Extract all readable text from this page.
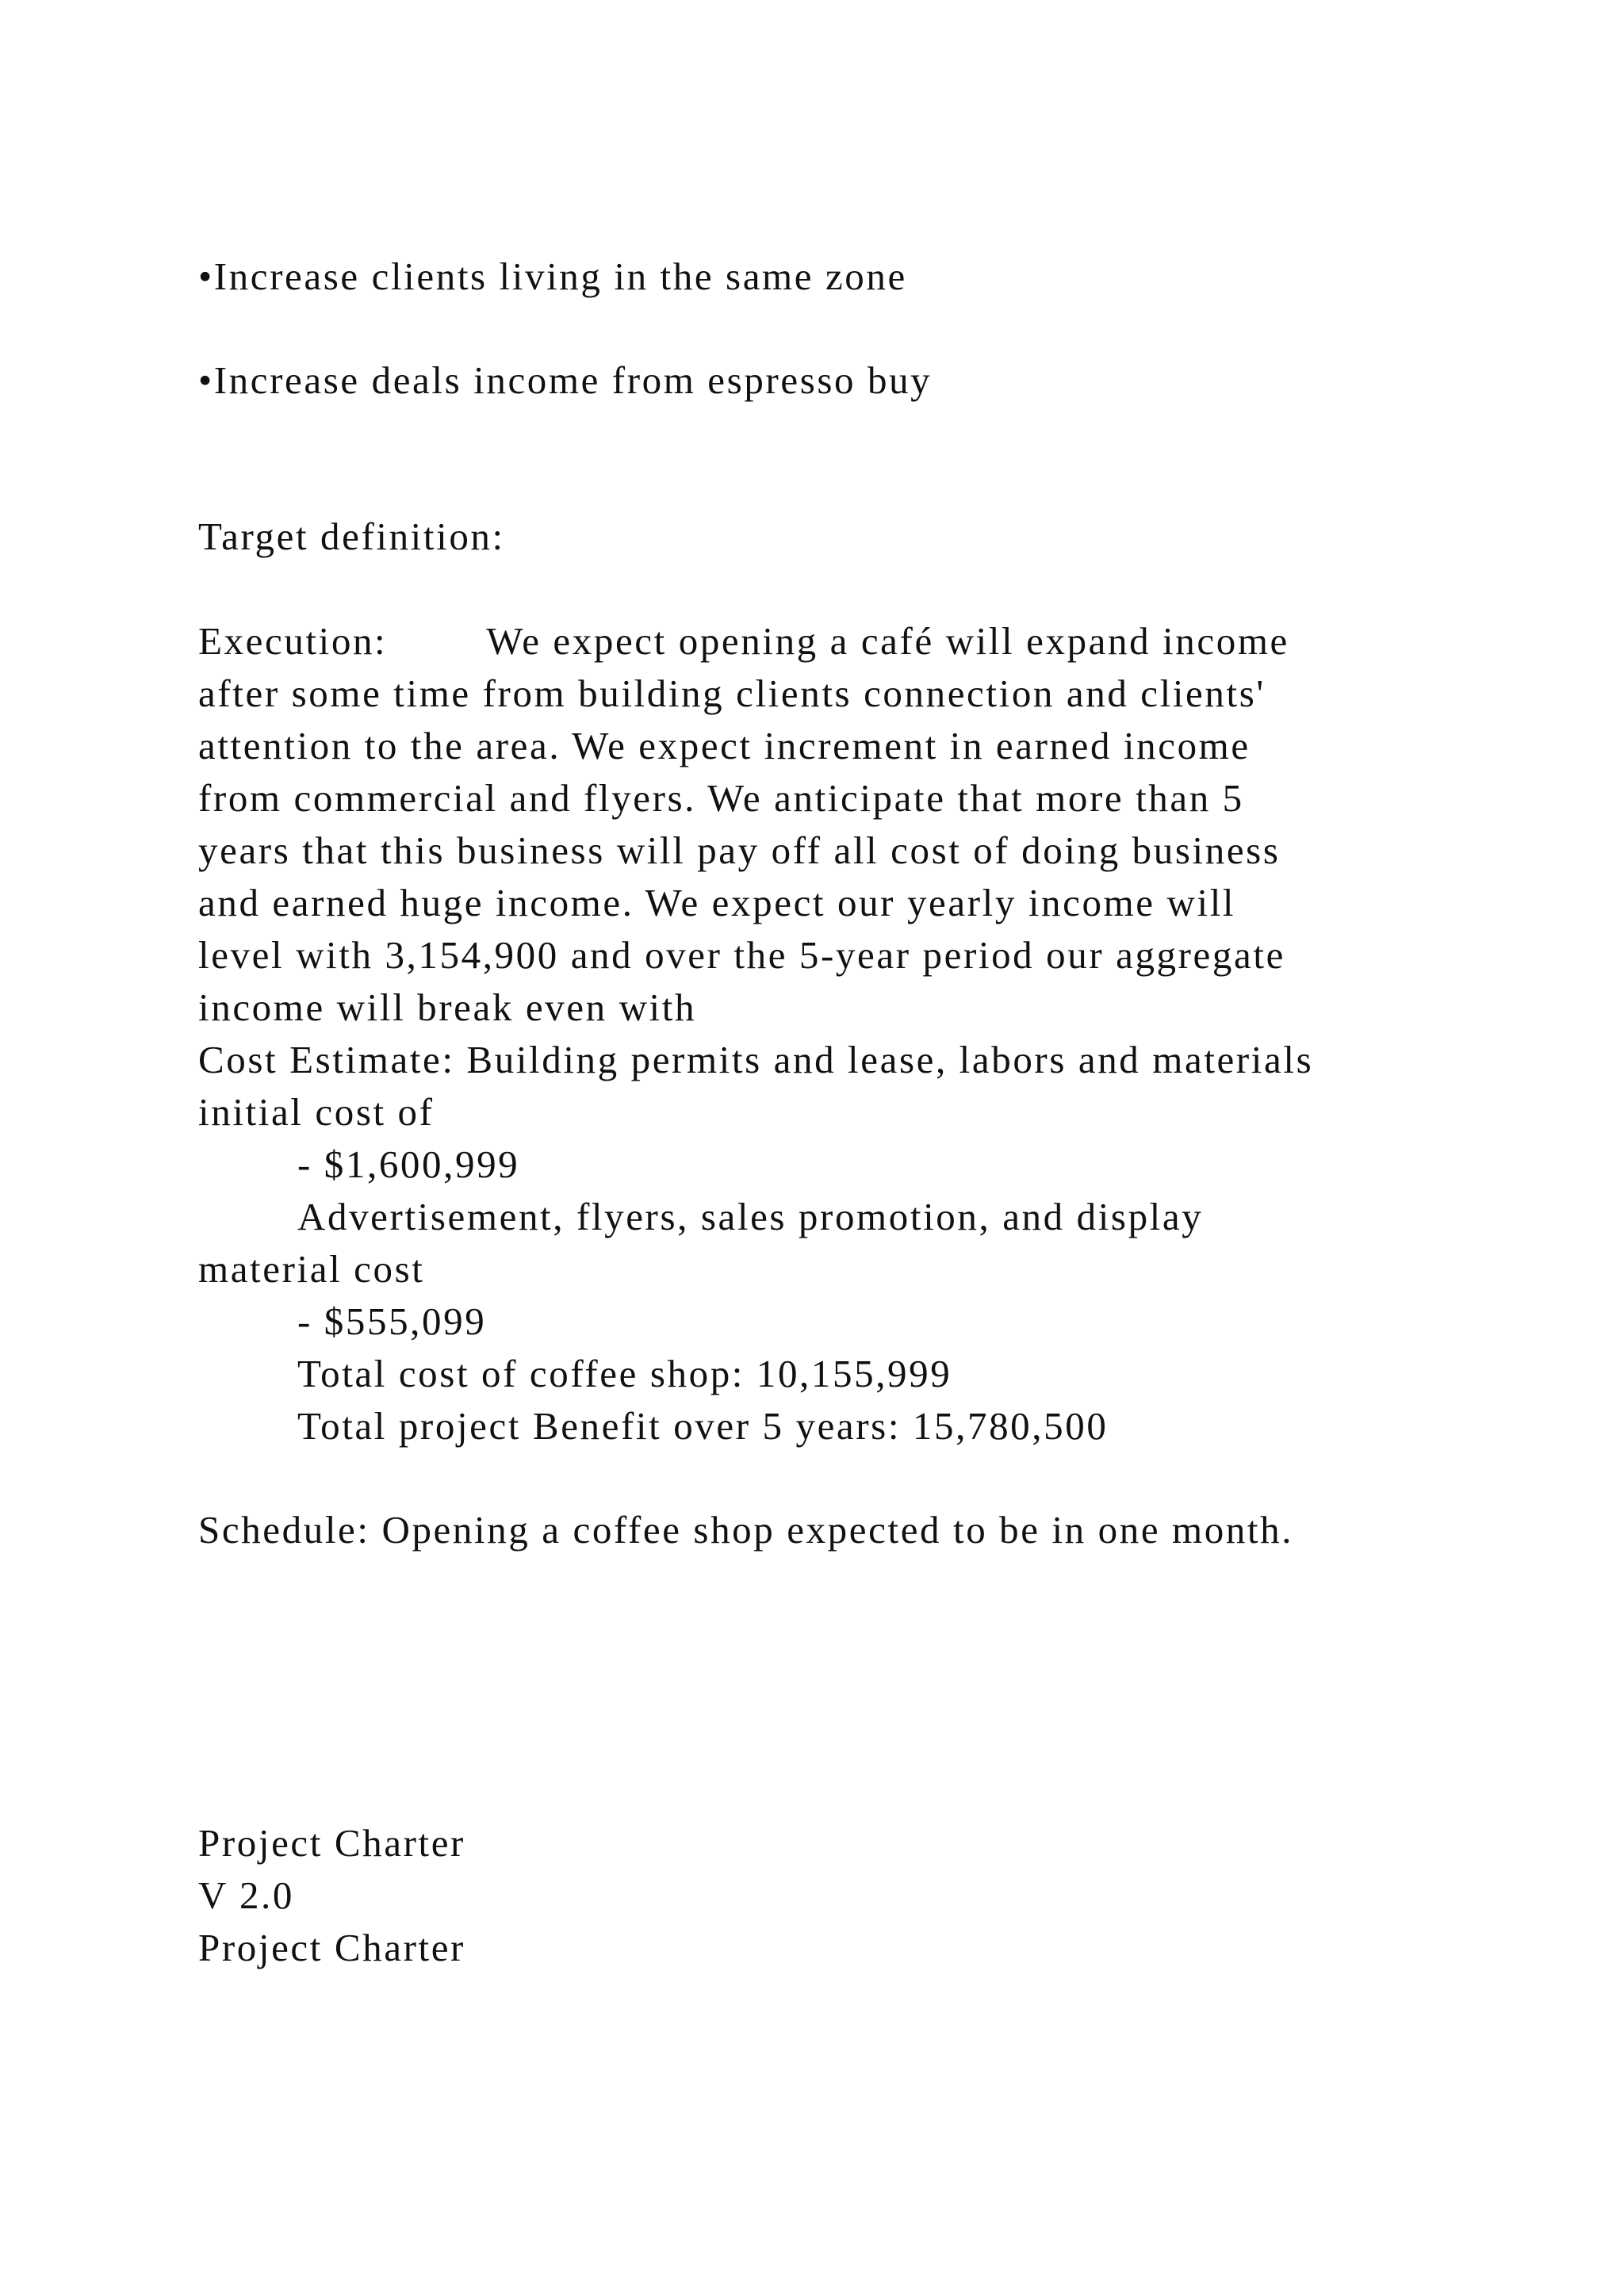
•Increase clients living in the same zone

•Increase deals income from espresso buy

Target definition:

Execution:	We expect opening a café will expand income

after some time from building clients connection and clients'

attention to the area. We expect increment in earned income

from commercial and flyers. We anticipate that more than 5

years that this business will pay off all cost of doing business

and earned huge income. We expect our yearly income will

level with 3,154,900 and over the 5-year period our aggregate

income will break even with

Cost Estimate: Building permits and lease, labors and materials

initial cost of

- $1,600,999

Advertisement, flyers, sales promotion, and display

material cost

- $555,099

Total cost of coffee shop: 10,155,999

Total project Benefit over 5 years: 15,780,500

Schedule: Opening a coffee shop expected to be in one month.

Project Charter

V 2.0

Project Charter
